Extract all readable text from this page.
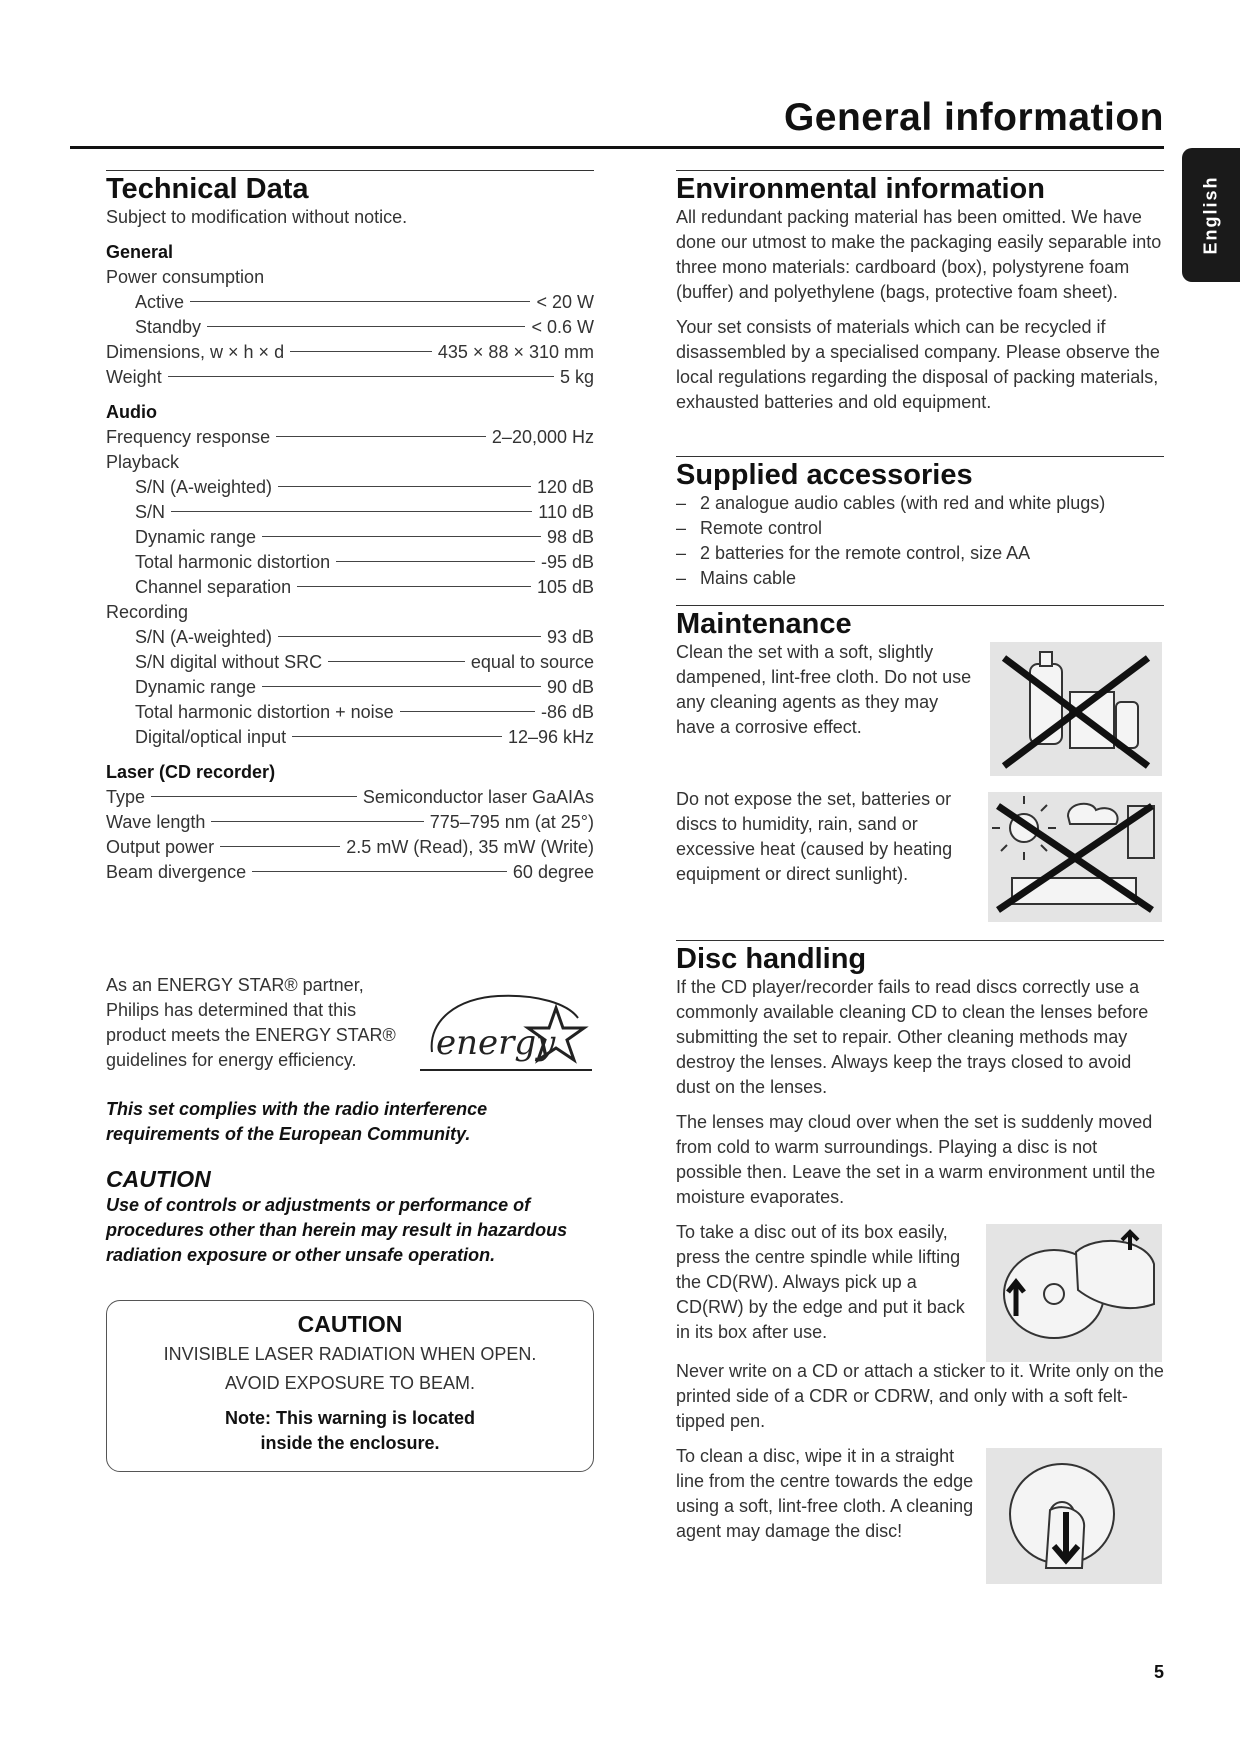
General information
English
Technical Data
Subject to modification without notice.
General
Power consumption
Active	< 20 W
Standby	< 0.6 W
Dimensions, w × h × d	435 × 88 × 310 mm
Weight	5 kg
Audio
Frequency response	2–20,000 Hz
Playback
S/N (A-weighted)	120 dB
S/N	110 dB
Dynamic range	98 dB
Total harmonic distortion	-95 dB
Channel separation	105 dB
Recording
S/N (A-weighted)	93 dB
S/N digital without SRC	equal to source
Dynamic range	90 dB
Total harmonic distortion + noise	-86 dB
Digital/optical input	12–96 kHz
Laser (CD recorder)
Type	Semiconductor laser GaAIAs
Wave length	775–795 nm (at 25°)
Output power	2.5 mW (Read), 35 mW (Write)
Beam divergence	60 degree
As an ENERGY STAR® partner, Philips has determined that this product meets the ENERGY STAR® guidelines for energy efficiency.	energy
This set complies with the radio interference requirements of the European Community.
CAUTION
Use of controls or adjustments or performance of procedures other than herein may result in hazardous radiation exposure or other unsafe operation.
CAUTION
INVISIBLE LASER RADIATION WHEN OPEN.
AVOID EXPOSURE TO BEAM.
Note: This warning is located inside the enclosure.
Environmental information
All redundant packing material has been omitted. We have done our utmost to make the packaging easily separable into three mono materials: cardboard (box), polystyrene foam (buffer) and polyethylene (bags, protective foam sheet).
Your set consists of materials which can be recycled if disassembled by a specialised company. Please observe the local regulations regarding the disposal of packing materials, exhausted batteries and old equipment.
Supplied accessories
– 2 analogue audio cables (with red and white plugs)
– Remote control
– 2 batteries for the remote control, size AA
– Mains cable
Maintenance
Clean the set with a soft, slightly dampened, lint-free cloth. Do not use any cleaning agents as they may have a corrosive effect.
Do not expose the set, batteries or discs to humidity, rain, sand or excessive heat (caused by heating equipment or direct sunlight).
Disc handling
If the CD player/recorder fails to read discs correctly use a commonly available cleaning CD to clean the lenses before submitting the set to repair. Other cleaning methods may destroy the lenses. Always keep the trays closed to avoid dust on the lenses.
The lenses may cloud over when the set is suddenly moved from cold to warm surroundings. Playing a disc is not possible then. Leave the set in a warm environment until the moisture evaporates.
To take a disc out of its box easily, press the centre spindle while lifting the CD(RW). Always pick up a CD(RW) by the edge and put it back in its box after use.
Never write on a CD or attach a sticker to it. Write only on the printed side of a CDR or CDRW, and only with a soft felt-tipped pen.
To clean a disc, wipe it in a straight line from the centre towards the edge using a soft, lint-free cloth. A cleaning agent may damage the disc!
5
